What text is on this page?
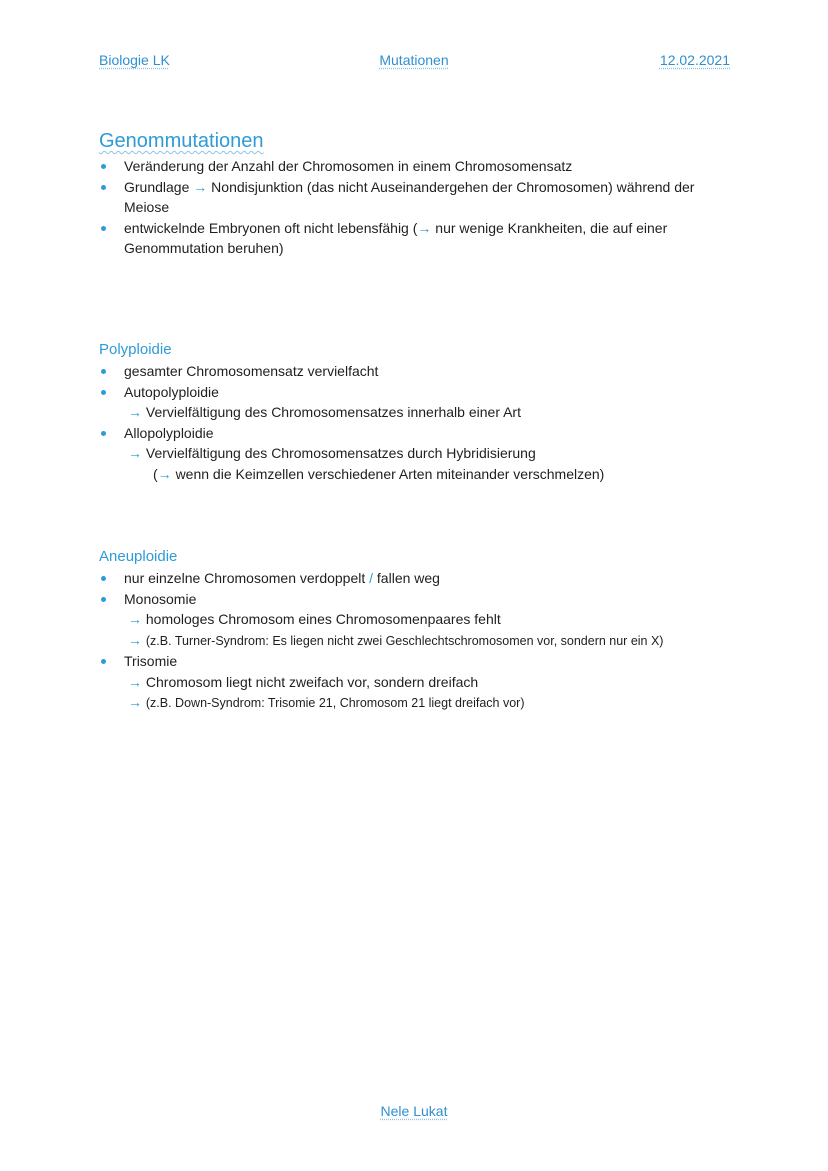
Biologie LK	Mutationen	12.02.2021
Genommutationen
Veränderung der Anzahl der Chromosomen in einem Chromosomensatz
Grundlage → Nondisjunktion (das nicht Auseinandergehen der Chromosomen) während der Meiose
entwickelnde Embryonen oft nicht lebensfähig (→ nur wenige Krankheiten, die auf einer Genommutation beruhen)
Polyploidie
gesamter Chromosomensatz vervielfacht
Autopolyploidie
→ Vervielfältigung des Chromosomensatzes innerhalb einer Art
Allopolyploidie
→ Vervielfältigung des Chromosomensatzes durch Hybridisierung
(→ wenn die Keimzellen verschiedener Arten miteinander verschmelzen)
Aneuploidie
nur einzelne Chromosomen verdoppelt / fallen weg
Monosomie
→ homologes Chromosom eines Chromosomenpaares fehlt
→ (z.B. Turner-Syndrom: Es liegen nicht zwei Geschlechtschromosomen vor, sondern nur ein X)
Trisomie
→ Chromosom liegt nicht zweifach vor, sondern dreifach
→ (z.B. Down-Syndrom: Trisomie 21, Chromosom 21 liegt dreifach vor)
Nele Lukat
